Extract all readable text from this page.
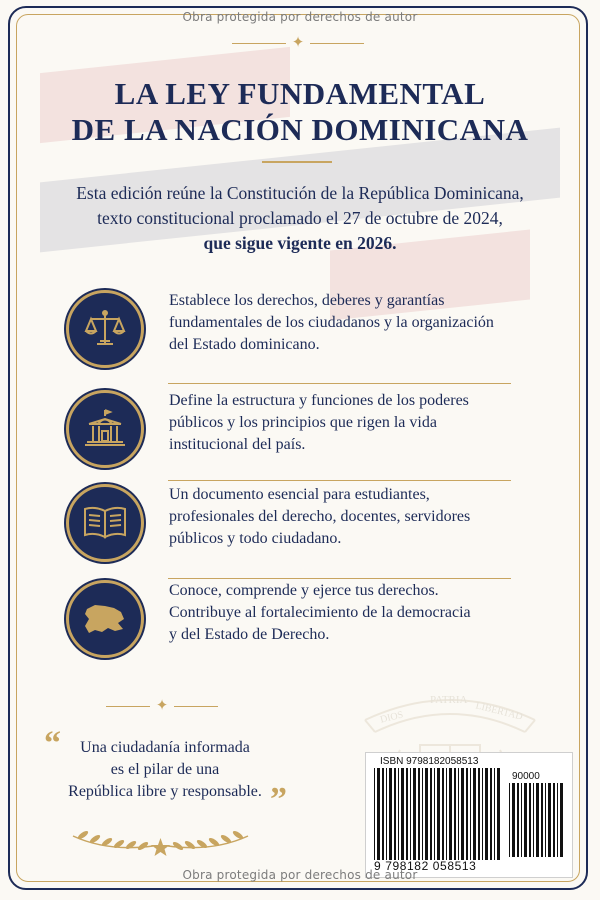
Obra protegida por derechos de autor
✦
LA LEY FUNDAMENTAL
DE LA NACIÓN DOMINICANA
Esta edición reúne la Constitución de la República Dominicana,
texto constitucional proclamado el 27 de octubre de 2024,
que sigue vigente en 2026.
Establece los derechos, deberes y garantías
fundamentales de los ciudadanos y la organización
del Estado dominicano.
Define la estructura y funciones de los poderes
públicos y los principios que rigen la vida
institucional del país.
Un documento esencial para estudiantes,
profesionales del derecho, docentes, servidores
públicos y todo ciudadano.
Conoce, comprende y ejerce tus derechos.
Contribuye al fortalecimiento de la democracia
y del Estado de Derecho.
✦
“	Una ciudadanía informada
es el pilar de una
República libre y responsable. ”
DIOS
PATRIA
LIBERTAD
ISBN 9798182058513
90000
9 798182 058513
Obra protegida por derechos de autor
